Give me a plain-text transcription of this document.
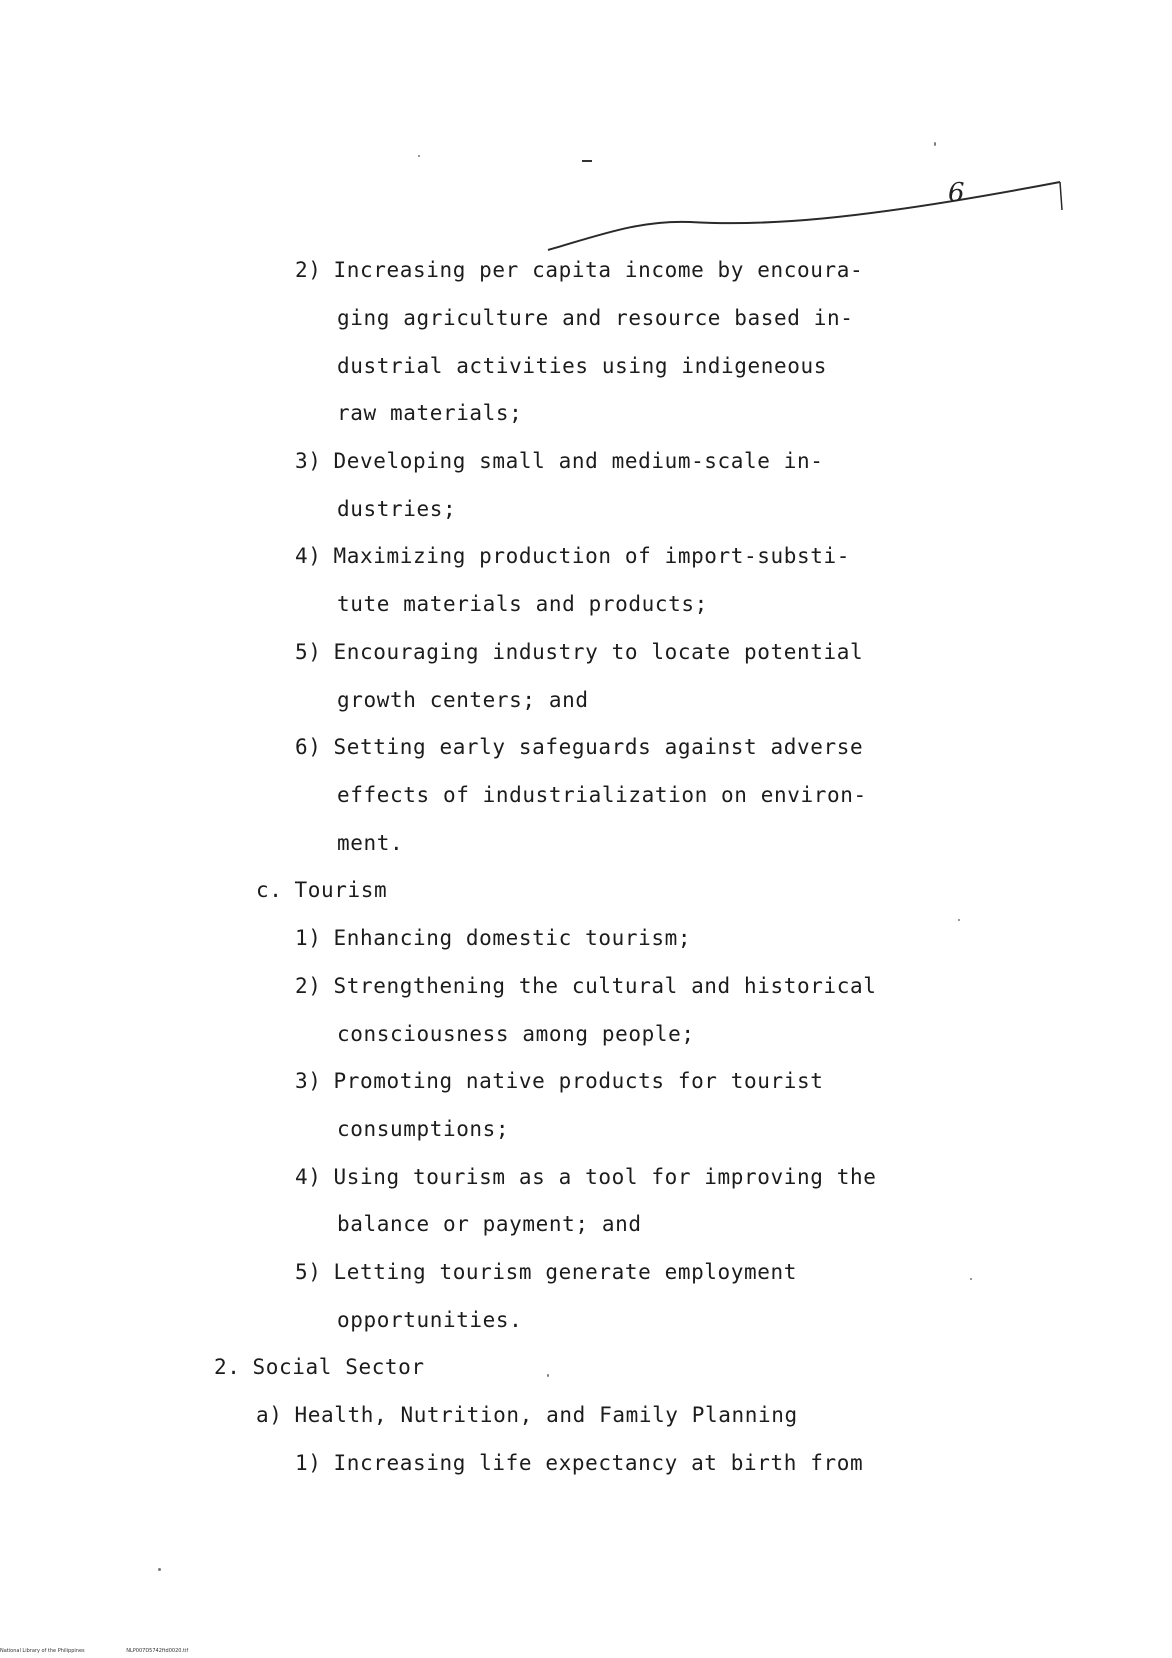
6
2) Increasing per capita income by encoura-
ging agriculture and resource based in-
dustrial activities using indigeneous
raw materials;
3) Developing small and medium-scale in-
dustries;
4) Maximizing production of import-substi-
tute materials and products;
5) Encouraging industry to locate potential
growth centers; and
6) Setting early safeguards against adverse
effects of industrialization on environ-
ment.
c. Tourism
1) Enhancing domestic tourism;
2) Strengthening the cultural and historical
consciousness among people;
3) Promoting native products for tourist
consumptions;
4) Using tourism as a tool for improving the
balance or payment; and
5) Letting tourism generate employment
opportunities.
2. Social Sector
a) Health, Nutrition, and Family Planning
1) Increasing life expectancy at birth from
National Library of the Philippines	NLP007D5742ftd0020.tif
